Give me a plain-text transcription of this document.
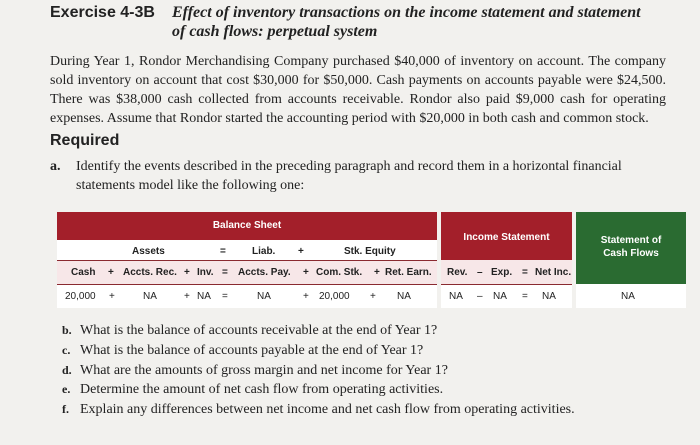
Exercise 4-3B Effect of inventory transactions on the income statement and statement
of cash flows: perpetual system
During Year 1, Rondor Merchandising Company purchased $40,000 of inventory on account. The company sold inventory on account that cost $30,000 for $50,000. Cash payments on accounts payable were $24,500. There was $38,000 cash collected from accounts receivable. Rondor also paid $9,000 cash for operating expenses. Assume that Rondor started the accounting period with $20,000 in both cash and common stock.
Required
a. Identify the events described in the preceding paragraph and record them in a horizontal financial statements model like the following one:
Balance Sheet
Assets	=	Liab. +	Stk. Equity
Cash + Accts. Rec. + Inv. = Accts. Pay. + Com. Stk. + Ret. Earn.
20,000 +	NA	+ NA =	NA	+ 20,000 + NA
Income Statement
Rev. – Exp. = Net Inc.
NA – NA = NA
Statement of
Cash Flows
NA
b. What is the balance of accounts receivable at the end of Year 1?
c. What is the balance of accounts payable at the end of Year 1?
d. What are the amounts of gross margin and net income for Year 1?
e. Determine the amount of net cash flow from operating activities.
f. Explain any differences between net income and net cash flow from operating activities.
